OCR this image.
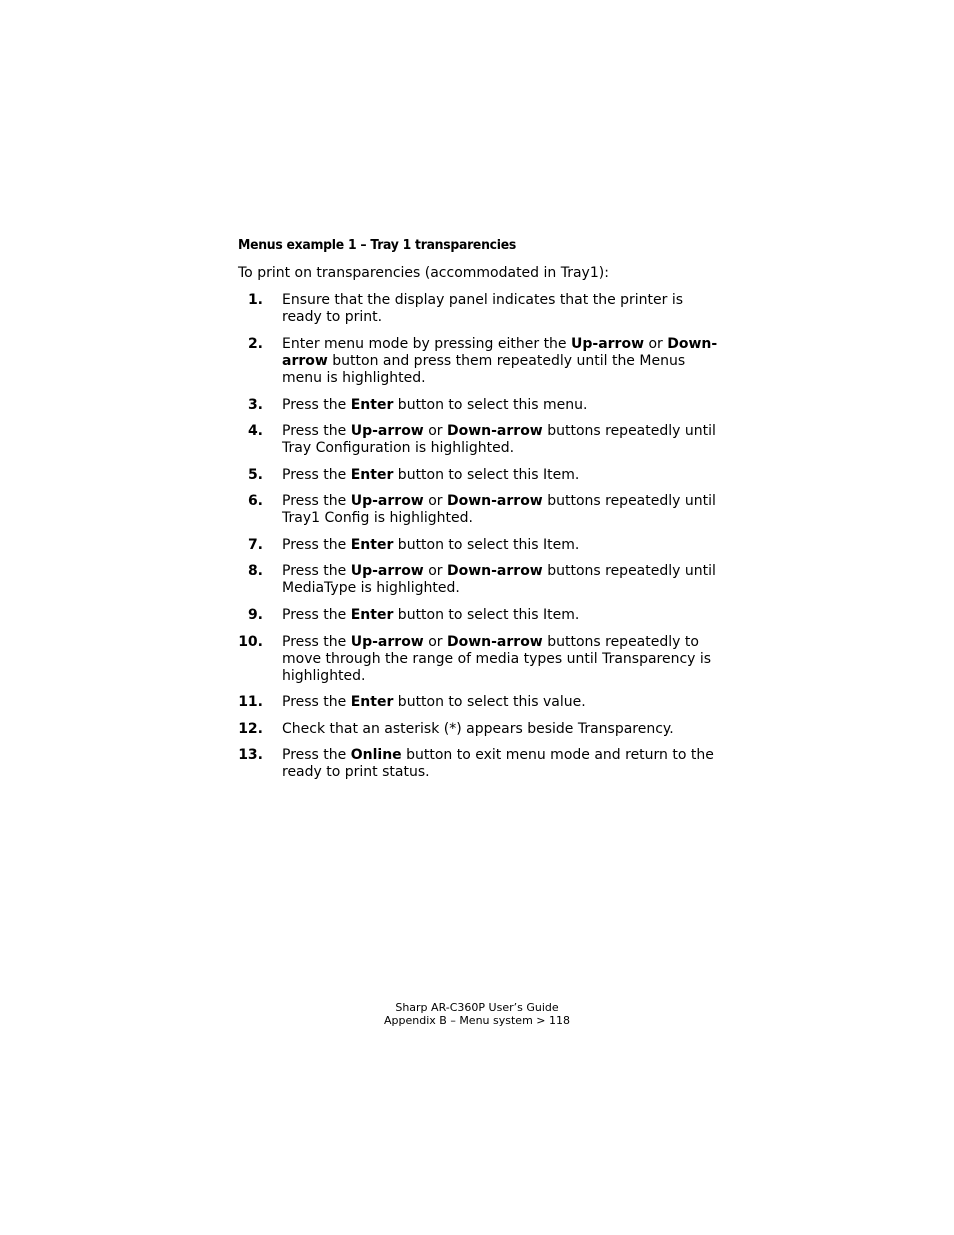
Menus example 1 – Tray 1 transparencies

To print on transparencies (accommodated in Tray1):

1. Ensure that the display panel indicates that the printer is ready to print.
2. Enter menu mode by pressing either the Up-arrow or Down-arrow button and press them repeatedly until the Menus menu is highlighted.
3. Press the Enter button to select this menu.
4. Press the Up-arrow or Down-arrow buttons repeatedly until Tray Configuration is highlighted.
5. Press the Enter button to select this Item.
6. Press the Up-arrow or Down-arrow buttons repeatedly until Tray1 Config is highlighted.
7. Press the Enter button to select this Item.
8. Press the Up-arrow or Down-arrow buttons repeatedly until MediaType is highlighted.
9. Press the Enter button to select this Item.
10. Press the Up-arrow or Down-arrow buttons repeatedly to move through the range of media types until Transparency is highlighted.
11. Press the Enter button to select this value.
12. Check that an asterisk (*) appears beside Transparency.
13. Press the Online button to exit menu mode and return to the ready to print status.
Sharp AR-C360P User’s Guide
Appendix B – Menu system > 118
